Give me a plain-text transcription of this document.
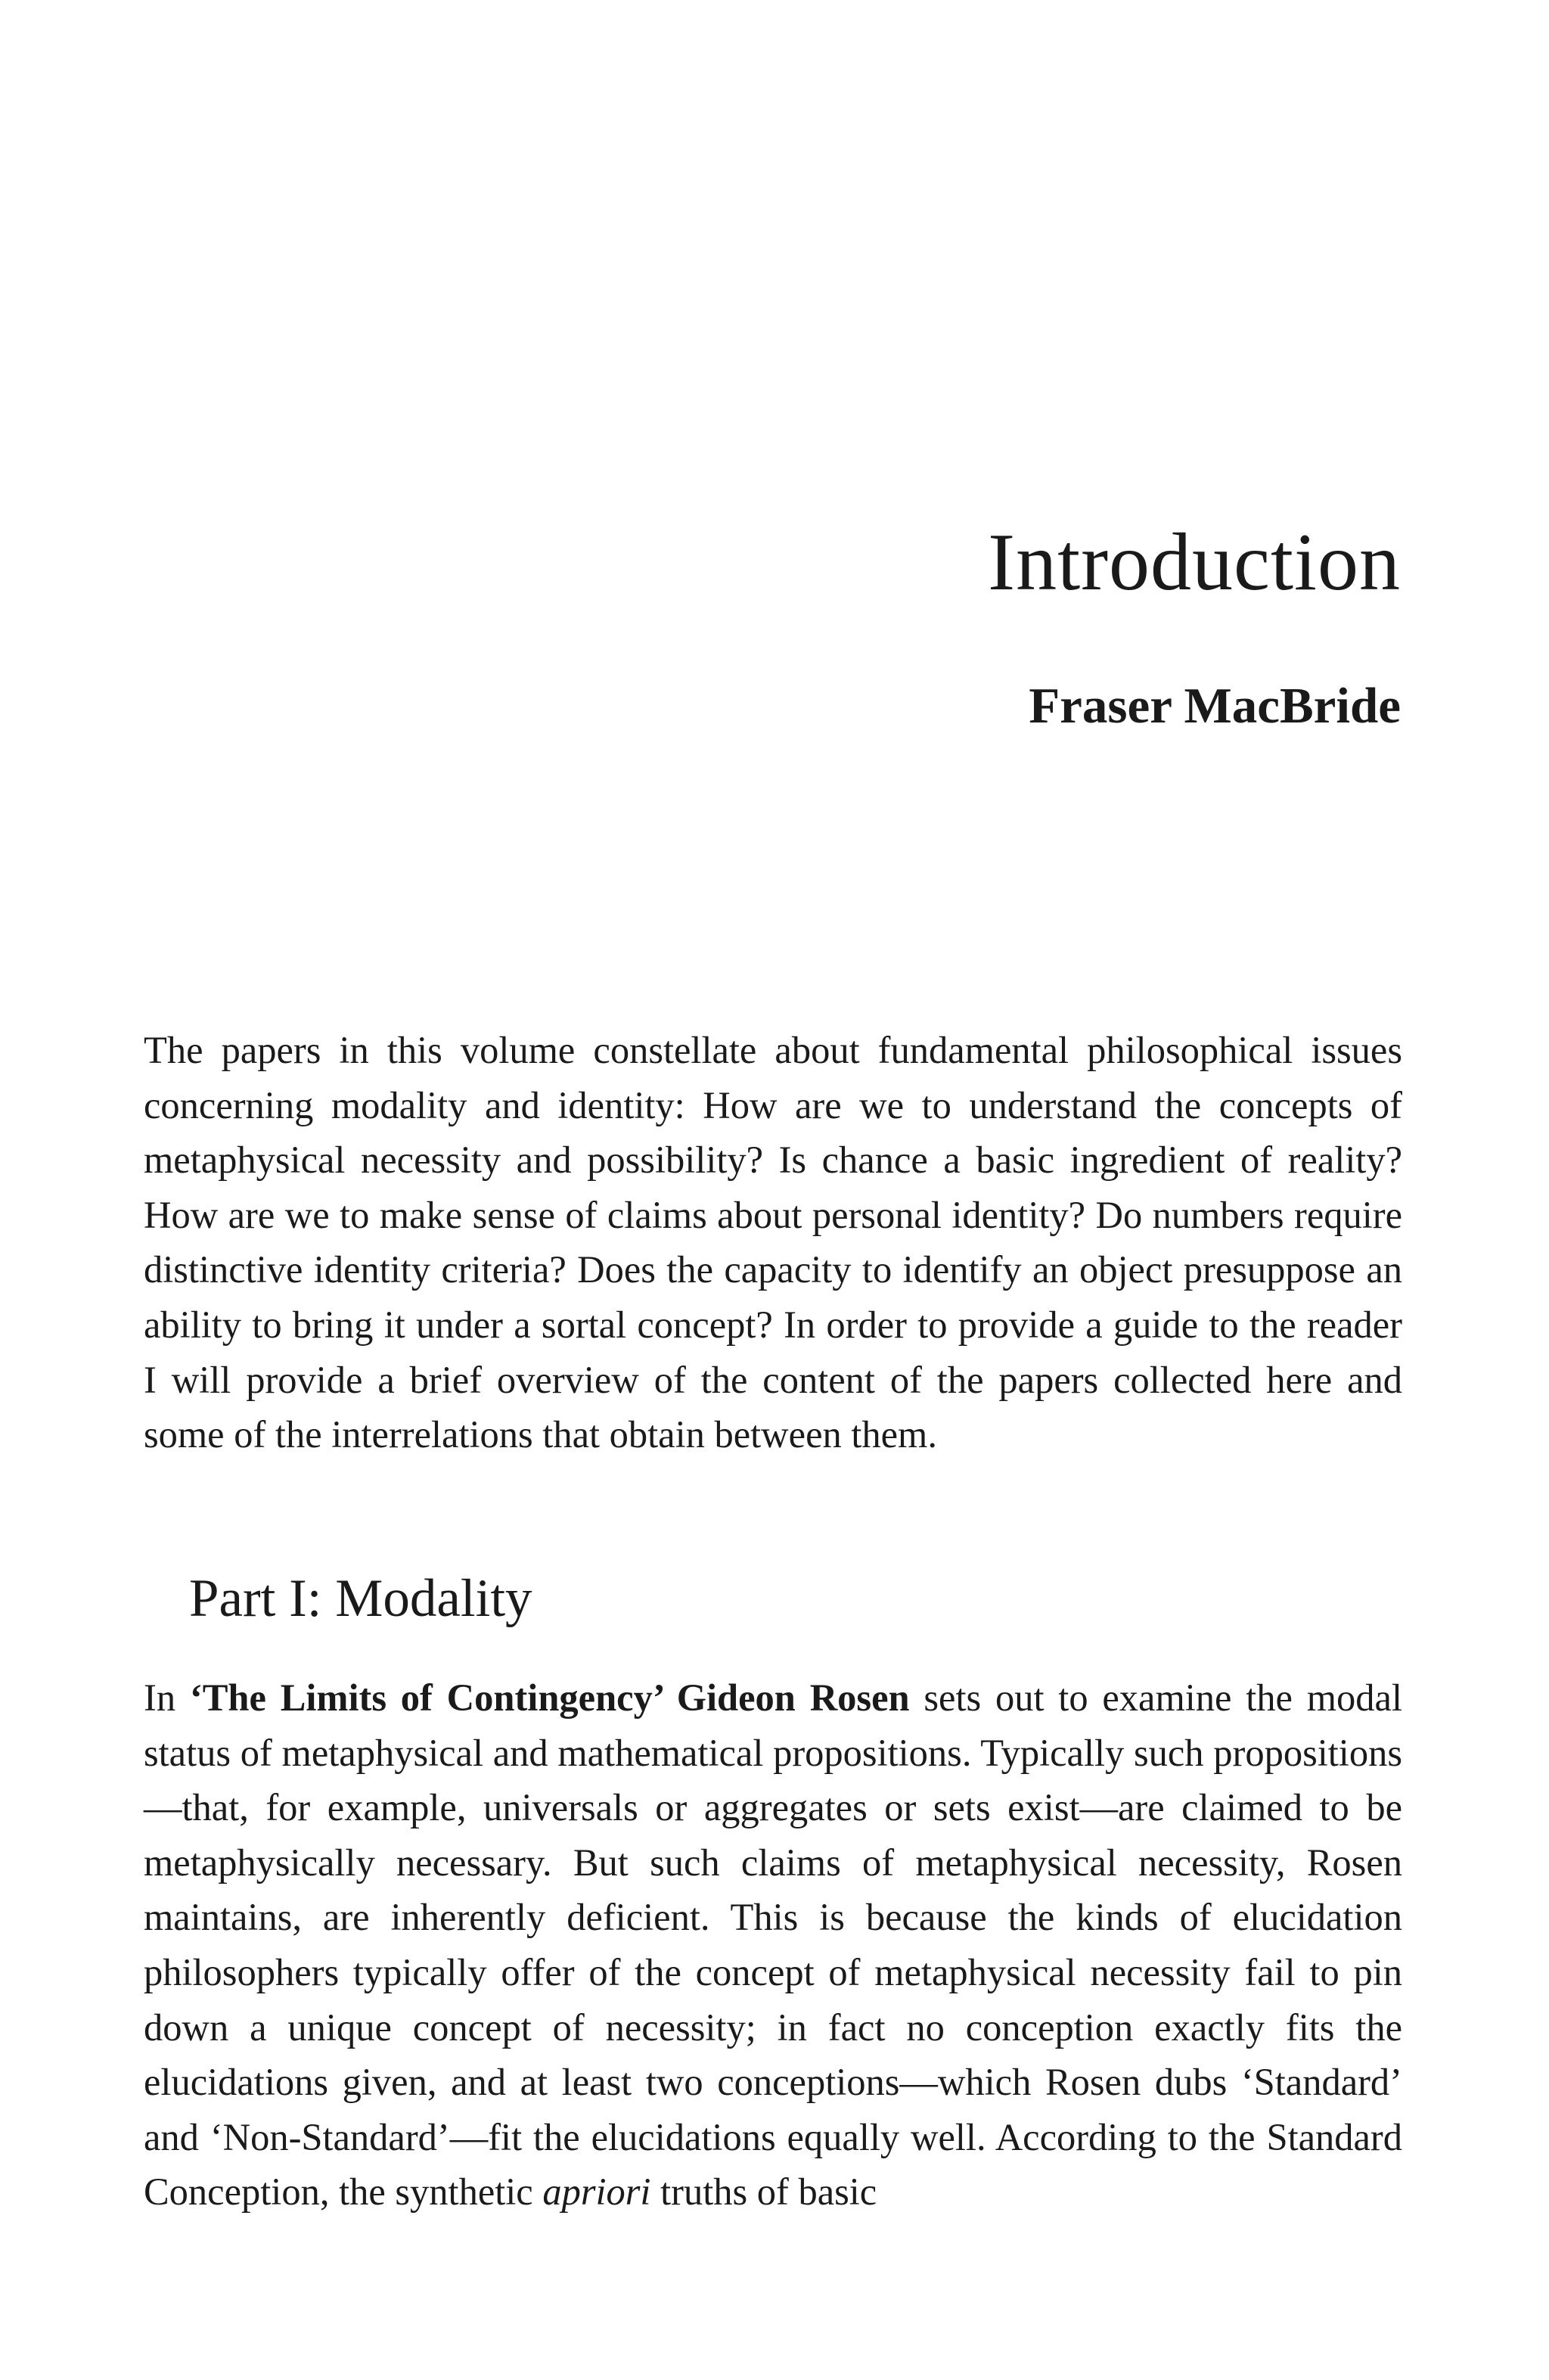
Introduction
Fraser MacBride

The papers in this volume constellate about fundamental philosophical issues concerning modality and identity: How are we to understand the concepts of metaphysical necessity and possibility? Is chance a basic ingredient of reality? How are we to make sense of claims about personal identity? Do numbers require distinctive identity criteria? Does the capacity to identify an object presuppose an ability to bring it under a sortal concept? In order to provide a guide to the reader I will provide a brief overview of the content of the papers collected here and some of the interrelations that obtain between them.

Part I: Modality

In ‘The Limits of Contingency’ Gideon Rosen sets out to examine the modal status of metaphysical and mathematical propositions. Typically such propositions—that, for example, universals or aggregates or sets exist—are claimed to be metaphysically necessary. But such claims of metaphysical necessity, Rosen maintains, are inherently deficient. This is because the kinds of elucidation philosophers typically offer of the concept of metaphysical necessity fail to pin down a unique concept of necessity; in fact no conception exactly fits the elucidations given, and at least two conceptions—which Rosen dubs ‘Standard’ and ‘Non-Standard’—fit the elucidations equally well. According to the Standard Conception, the synthetic apriori truths of basic
